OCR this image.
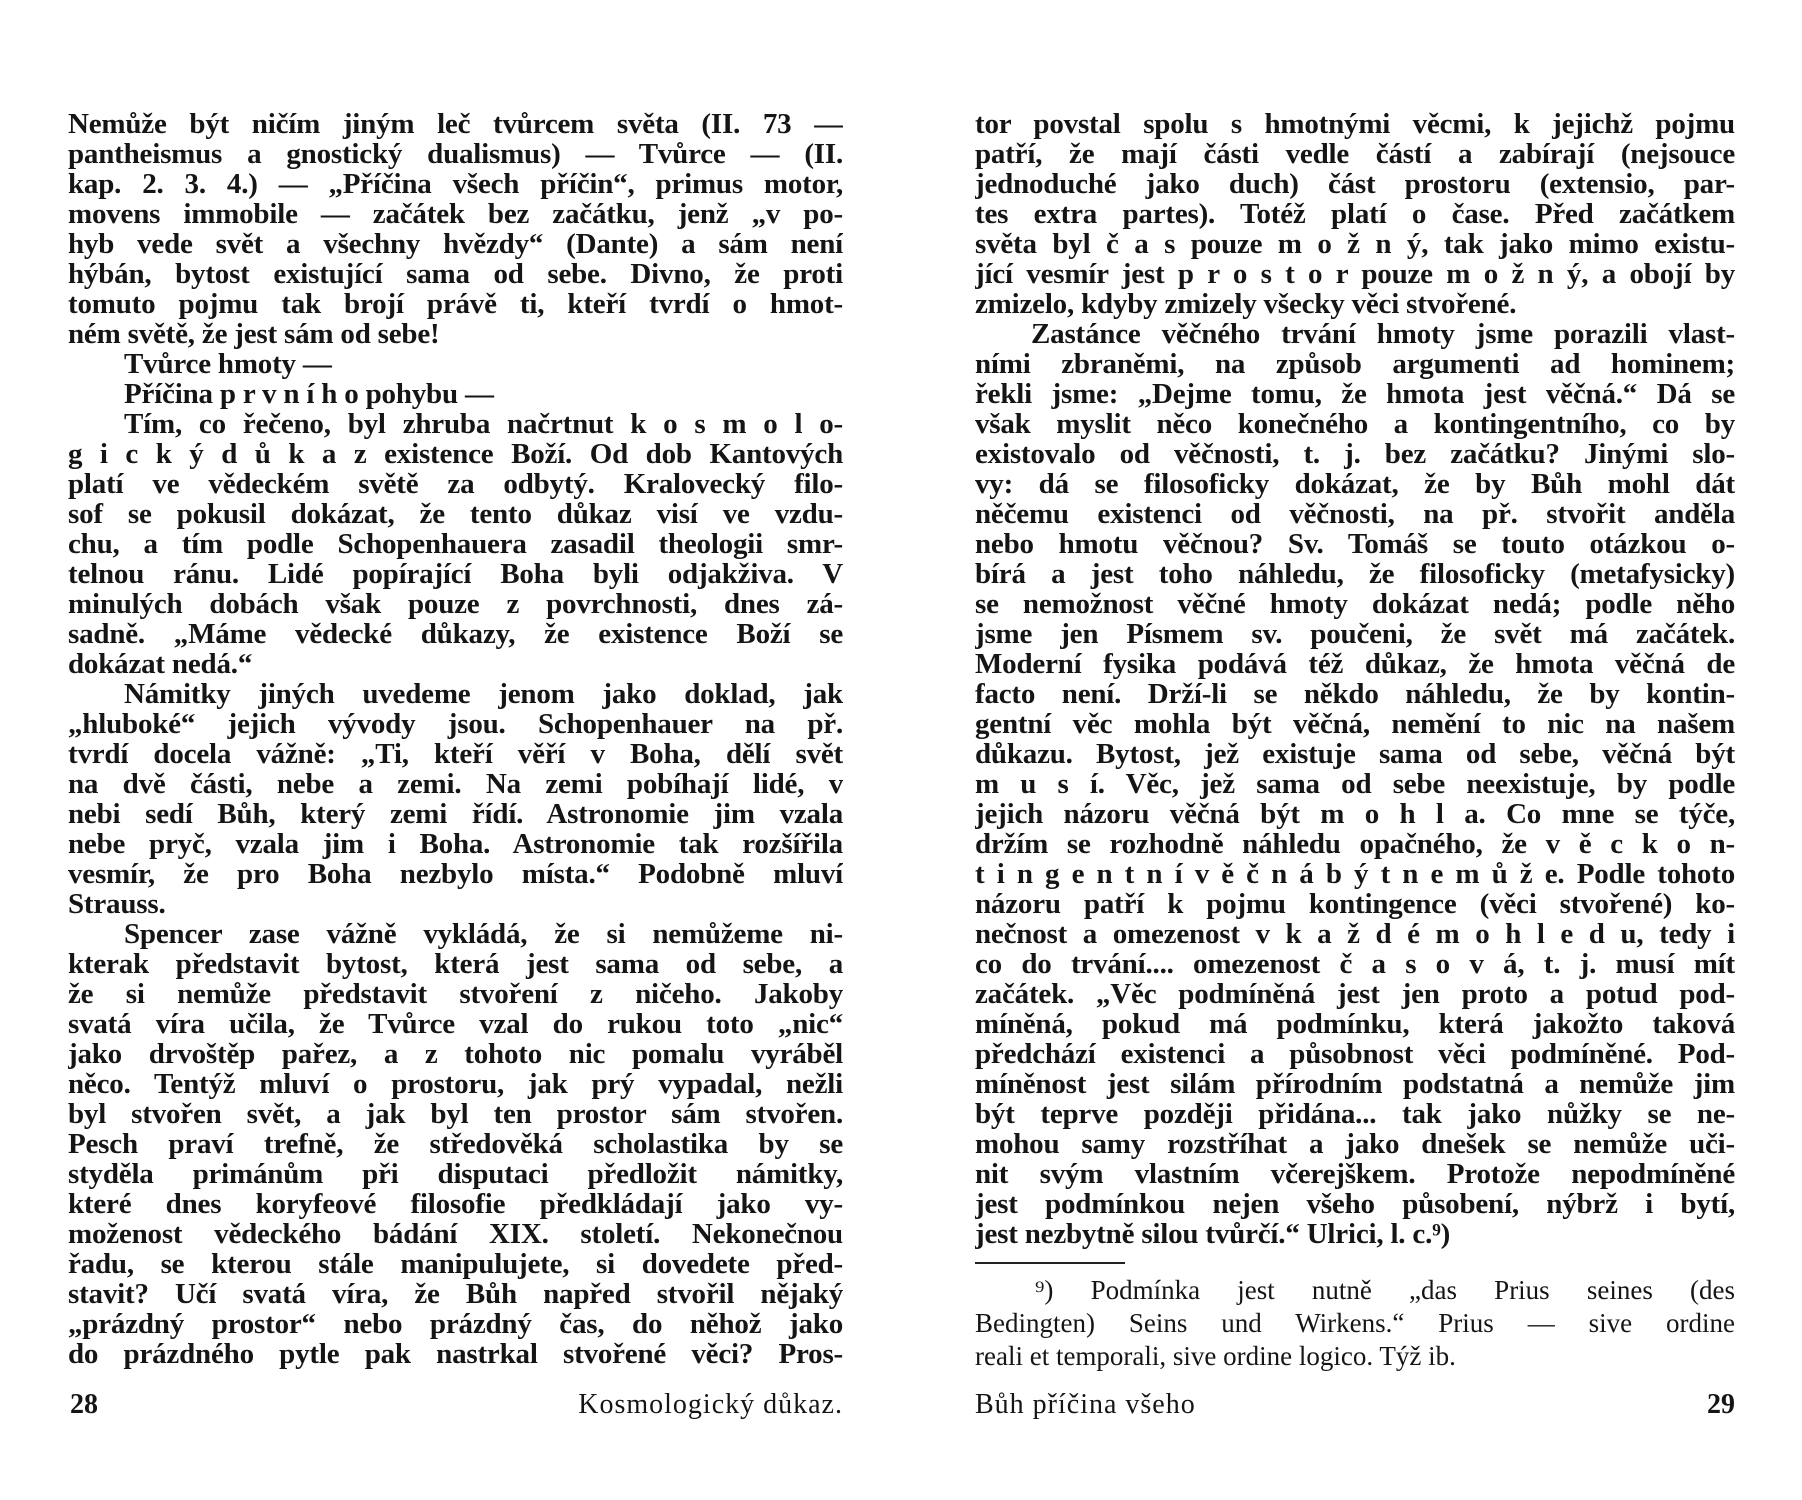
Nemůže být ničím jiným leč tvůrcem světa (II. 73 —
pantheismus a gnostický dualismus) — Tvůrce — (II.
kap. 2. 3. 4.) — „Příčina všech příčin“, primus motor,
movens immobile — začátek bez začátku, jenž „v po-
hyb vede svět a všechny hvězdy“ (Dante) a sám není
hýbán, bytost existující sama od sebe. Divno, že proti
tomuto pojmu tak brojí právě ti, kteří tvrdí o hmot-
ném světě, že jest sám od sebe!
Tvůrce hmoty —
Příčina p r v n í h o pohybu —
Tím, co řečeno, byl zhruba načrtnut k o s m o l o-
g i c k ý d ů k a z existence Boží. Od dob Kantových
platí ve vědeckém světě za odbytý. Kralovecký filo-
sof se pokusil dokázat, že tento důkaz visí ve vzdu-
chu, a tím podle Schopenhauera zasadil theologii smr-
telnou ránu. Lidé popírající Boha byli odjakživa. V
minulých dobách však pouze z povrchnosti, dnes zá-
sadně. „Máme vědecké důkazy, že existence Boží se
dokázat nedá.“
Námitky jiných uvedeme jenom jako doklad, jak
„hluboké“ jejich vývody jsou. Schopenhauer na př.
tvrdí docela vážně: „Ti, kteří věří v Boha, dělí svět
na dvě části, nebe a zemi. Na zemi pobíhají lidé, v
nebi sedí Bůh, který zemi řídí. Astronomie jim vzala
nebe pryč, vzala jim i Boha. Astronomie tak rozšířila
vesmír, že pro Boha nezbylo místa.“ Podobně mluví
Strauss.
Spencer zase vážně vykládá, že si nemůžeme ni-
kterak představit bytost, která jest sama od sebe, a
že si nemůže představit stvoření z ničeho. Jakoby
svatá víra učila, že Tvůrce vzal do rukou toto „nic“
jako drvoštěp pařez, a z tohoto nic pomalu vyráběl
něco. Tentýž mluví o prostoru, jak prý vypadal, nežli
byl stvořen svět, a jak byl ten prostor sám stvořen.
Pesch praví trefně, že středověká scholastika by se
styděla primánům při disputaci předložit námitky,
které dnes koryfeové filosofie předkládají jako vy-
moženost vědeckého bádání XIX. století. Nekonečnou
řadu, se kterou stále manipulujete, si dovedete před-
stavit? Učí svatá víra, že Bůh napřed stvořil nějaký
„prázdný prostor“ nebo prázdný čas, do něhož jako
do prázdného pytle pak nastrkal stvořené věci? Pros-
28	Kosmologický důkaz.
tor povstal spolu s hmotnými věcmi, k jejichž pojmu
patří, že mají části vedle částí a zabírají (nejsouce
jednoduché jako duch) část prostoru (extensio, par-
tes extra partes). Totéž platí o čase. Před začátkem
světa byl č a s pouze m o ž n ý, tak jako mimo existu-
jící vesmír jest p r o s t o r pouze m o ž n ý, a obojí by
zmizelo, kdyby zmizely všecky věci stvořené.
Zastánce věčného trvání hmoty jsme porazili vlast-
ními zbraněmi, na způsob argumenti ad hominem;
řekli jsme: „Dejme tomu, že hmota jest věčná.“ Dá se
však myslit něco konečného a kontingentního, co by
existovalo od věčnosti, t. j. bez začátku? Jinými slo-
vy: dá se filosoficky dokázat, že by Bůh mohl dát
něčemu existenci od věčnosti, na př. stvořit anděla
nebo hmotu věčnou? Sv. Tomáš se touto otázkou o-
bírá a jest toho náhledu, že filosoficky (metafysicky)
se nemožnost věčné hmoty dokázat nedá; podle něho
jsme jen Písmem sv. poučeni, že svět má začátek.
Moderní fysika podává též důkaz, že hmota věčná de
facto není. Drží-li se někdo náhledu, že by kontin-
gentní věc mohla být věčná, nemění to nic na našem
důkazu. Bytost, jež existuje sama od sebe, věčná být
m u s í. Věc, jež sama od sebe neexistuje, by podle
jejich názoru věčná být m o h l a. Co mne se týče,
držím se rozhodně náhledu opačného, že v ě c k o n-
t i n g e n t n í v ě č n á b ý t n e m ů ž e. Podle tohoto
názoru patří k pojmu kontingence (věci stvořené) ko-
nečnost a omezenost v k a ž d é m o h l e d u, tedy i
co do trvání.... omezenost č a s o v á, t. j. musí mít
začátek. „Věc podmíněná jest jen proto a potud pod-
míněná, pokud má podmínku, která jakožto taková
předchází existenci a působnost věci podmíněné. Pod-
míněnost jest silám přírodním podstatná a nemůže jim
být teprve později přidána... tak jako nůžky se ne-
mohou samy rozstříhat a jako dnešek se nemůže uči-
nit svým vlastním včerejškem. Protože nepodmíněné
jest podmínkou nejen všeho působení, nýbrž i bytí,
jest nezbytně silou tvůrčí.“ Ulrici, l. c.⁹)
⁹) Podmínka jest nutně „das Prius seines (des
Bedingten) Seins und Wirkens.“ Prius — sive ordine
reali et temporali, sive ordine logico. Týž ib.
Bůh příčina všeho	29
